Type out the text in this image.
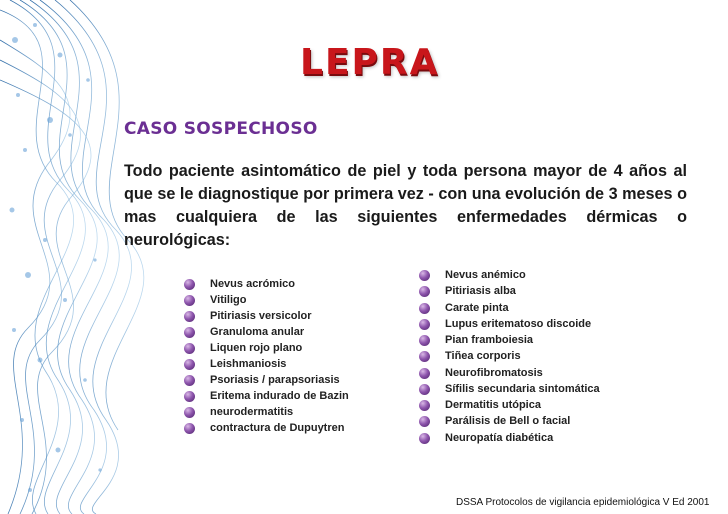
LEPRA
CASO SOSPECHOSO
Todo paciente asintomático de piel y toda persona mayor de 4 años al que se le diagnostique por primera vez - con una evolución de 3 meses o mas cualquiera de las siguientes enfermedades dérmicas o neurológicas:
Nevus acrómico
Vitiligo
Pitiriasis versicolor
Granuloma anular
Liquen rojo plano
Leishmaniosis
Psoriasis / parapsoriasis
Eritema indurado de Bazin
neurodermatitis
contractura de Dupuytren
Nevus anémico
Pitiriasis alba
Carate pinta
Lupus eritematoso discoide
Pian framboiesia
Tiñea corporis
Neurofibromatosis
Sífilis secundaria sintomática
Dermatitis utópica
Parálisis de Bell o facial
Neuropatía diabética
DSSA Protocolos de vigilancia epidemiológica V Ed 2001
